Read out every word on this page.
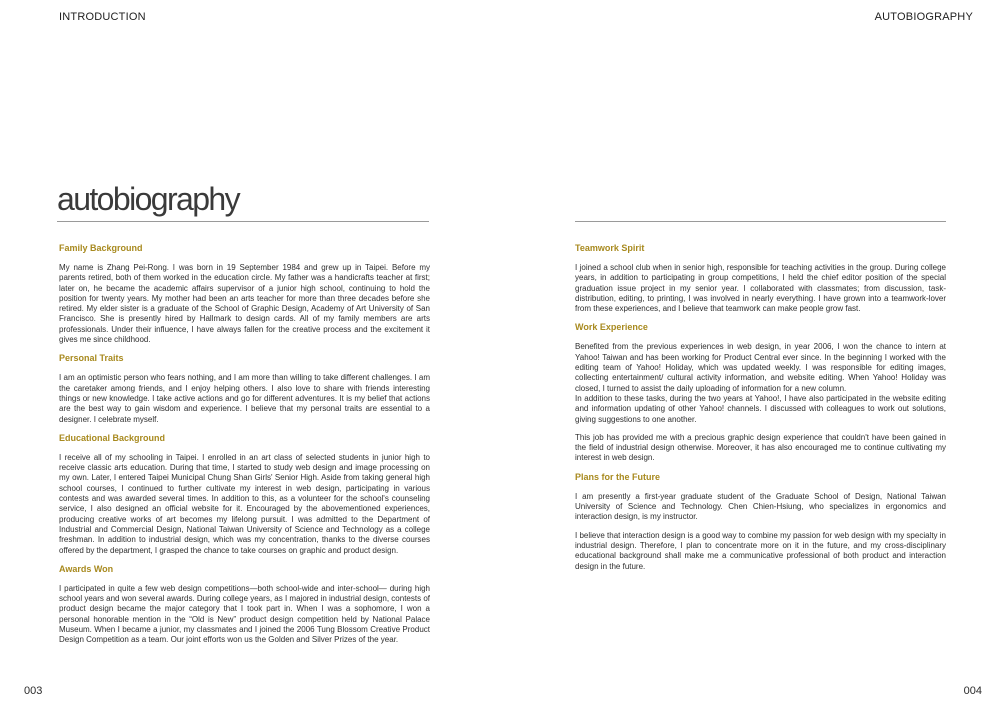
INTRODUCTION	AUTOBIOGRAPHY
autobiography
Family Background

My name is Zhang Pei-Rong. I was born in 19 September 1984 and grew up in Taipei. Before my parents retired, both of them worked in the education circle. My father was a handicrafts teacher at first; later on, he became the academic affairs supervisor of a junior high school, continuing to hold the position for twenty years. My mother had been an arts teacher for more than three decades before she retired. My elder sister is a graduate of the School of Graphic Design, Academy of Art University of San Francisco. She is presently hired by Hallmark to design cards. All of my family members are arts professionals. Under their influence, I have always fallen for the creative process and the excitement it gives me since childhood.

Personal Traits

I am an optimistic person who fears nothing, and I am more than willing to take different challenges. I am the caretaker among friends, and I enjoy helping others. I also love to share with friends interesting things or new knowledge. I take active actions and go for different adventures. It is my belief that actions are the best way to gain wisdom and experience. I believe that my personal traits are essential to a designer. I celebrate myself.

Educational Background

I receive all of my schooling in Taipei. I enrolled in an art class of selected students in junior high to receive classic arts education. During that time, I started to study web design and image processing on my own. Later, I entered Taipei Municipal Chung Shan Girls' Senior High. Aside from taking general high school courses, I continued to further cultivate my interest in web design, participating in various contests and was awarded several times. In addition to this, as a volunteer for the school's counseling service, I also designed an official website for it. Encouraged by the abovementioned experiences, producing creative works of art becomes my lifelong pursuit. I was admitted to the Department of Industrial and Commercial Design, National Taiwan University of Science and Technology as a college freshman. In addition to industrial design, which was my concentration, thanks to the diverse courses offered by the department, I grasped the chance to take courses on graphic and product design.

Awards Won

I participated in quite a few web design competitions—both school-wide and inter-school— during high school years and won several awards. During college years, as I majored in industrial design, contests of product design became the major category that I took part in. When I was a sophomore, I won a personal honorable mention in the “Old is New” product design competition held by National Palace Museum. When I became a junior, my classmates and I joined the 2006 Tung Blossom Creative Product Design Competition as a team. Our joint efforts won us the Golden and Silver Prizes of the year.

Teamwork Spirit

I joined a school club when in senior high, responsible for teaching activities in the group. During college years, in addition to participating in group competitions, I held the chief editor position of the special graduation issue project in my senior year. I collaborated with classmates; from discussion, task-distribution, editing, to printing, I was involved in nearly everything. I have grown into a teamwork-lover from these experiences, and I believe that teamwork can make people grow fast.

Work Experience

Benefited from the previous experiences in web design, in year 2006, I won the chance to intern at Yahoo! Taiwan and has been working for Product Central ever since. In the beginning I worked with the editing team of Yahoo! Holiday, which was updated weekly. I was responsible for editing images, collecting entertainment/ cultural activity information, and website editing. When Yahoo! Holiday was closed, I turned to assist the daily uploading of information for a new column.

In addition to these tasks, during the two years at Yahoo!, I have also participated in the website editing and information updating of other Yahoo! channels. I discussed with colleagues to work out solutions, giving suggestions to one another.

This job has provided me with a precious graphic design experience that couldn't have been gained in the field of industrial design otherwise. Moreover, it has also encouraged me to continue cultivating my interest in web design.

Plans for the Future

I am presently a first-year graduate student of the Graduate School of Design, National Taiwan University of Science and Technology. Chen Chien-Hsiung, who specializes in ergonomics and interaction design, is my instructor.

I believe that interaction design is a good way to combine my passion for web design with my specialty in industrial design. Therefore, I plan to concentrate more on it in the future, and my cross-disciplinary educational background shall make me a communicative professional of both product and interaction design in the future.

003	004
